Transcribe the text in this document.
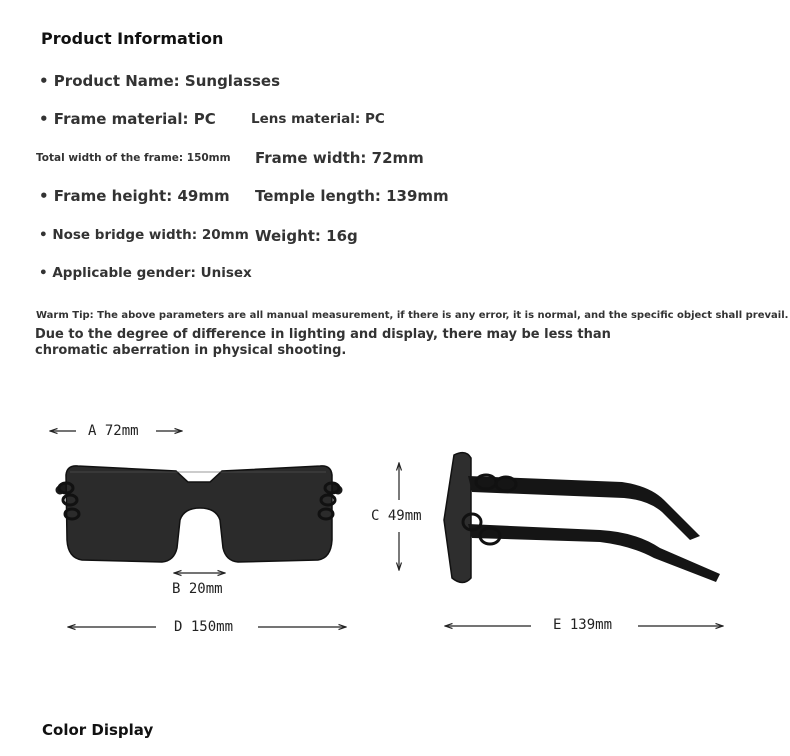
Product Information
• Product Name: Sunglasses
• Frame material: PC	Lens material: PC
Total width of the frame: 150mm Frame width: 72mm
• Frame height: 49mm Temple length: 139mm
• Nose bridge width: 20mm Weight: 16g
• Applicable gender: Unisex
Warm Tip: The above parameters are all manual measurement, if there is any error, it is normal, and the specific object shall prevail.
Due to the degree of difference in lighting and display, there may be less than chromatic aberration in physical shooting.
A 72mm
B 20mm
C 49mm
D 150mm	E 139mm
Color Display
